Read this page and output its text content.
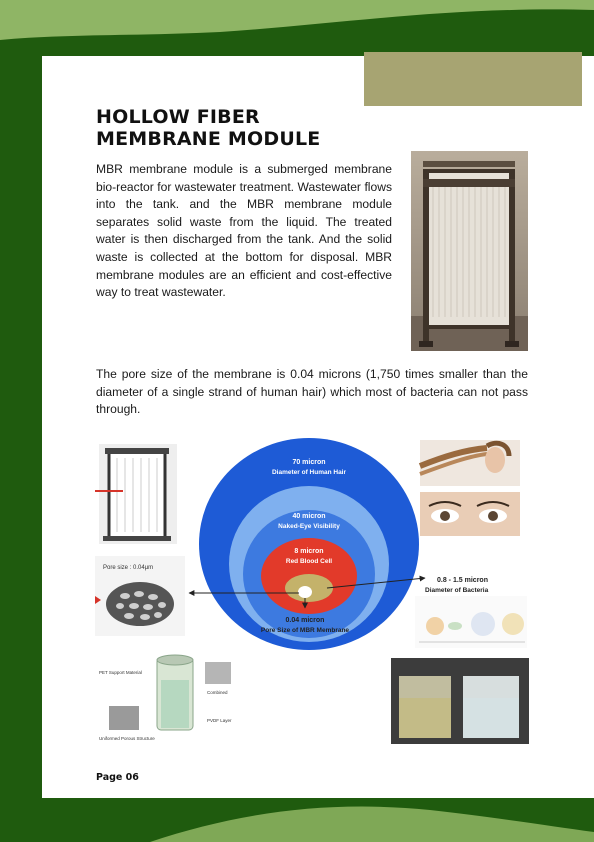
HOLLOW FIBER
MEMBRANE MODULE

MBR membrane module is a submerged membrane bio-reactor for wastewater treatment. Wastewater flows into the tank. and the MBR membrane module separates solid waste from the liquid. The treated water is then discharged from the tank. And the solid waste is collected at the bottom for disposal. MBR membrane modules are an efficient and cost-effective way to treat wastewater.

The pore size of the membrane is 0.04 microns (1,750 times smaller than the diameter of a single strand of human hair) which most of bacteria can not pass through.

70 micron
Diameter of Human Hair
40 micron
Naked-Eye Visibility
8 micron
Red Blood Cell
Pore size : 0.04μm
0.8 - 1.5 micron
Diameter of Bacteria
0.04 micron
Pore Size of MBR Membrane
PET Support Material
Combined
PVDF Layer
Uniformed Porous Structure
Page 06
